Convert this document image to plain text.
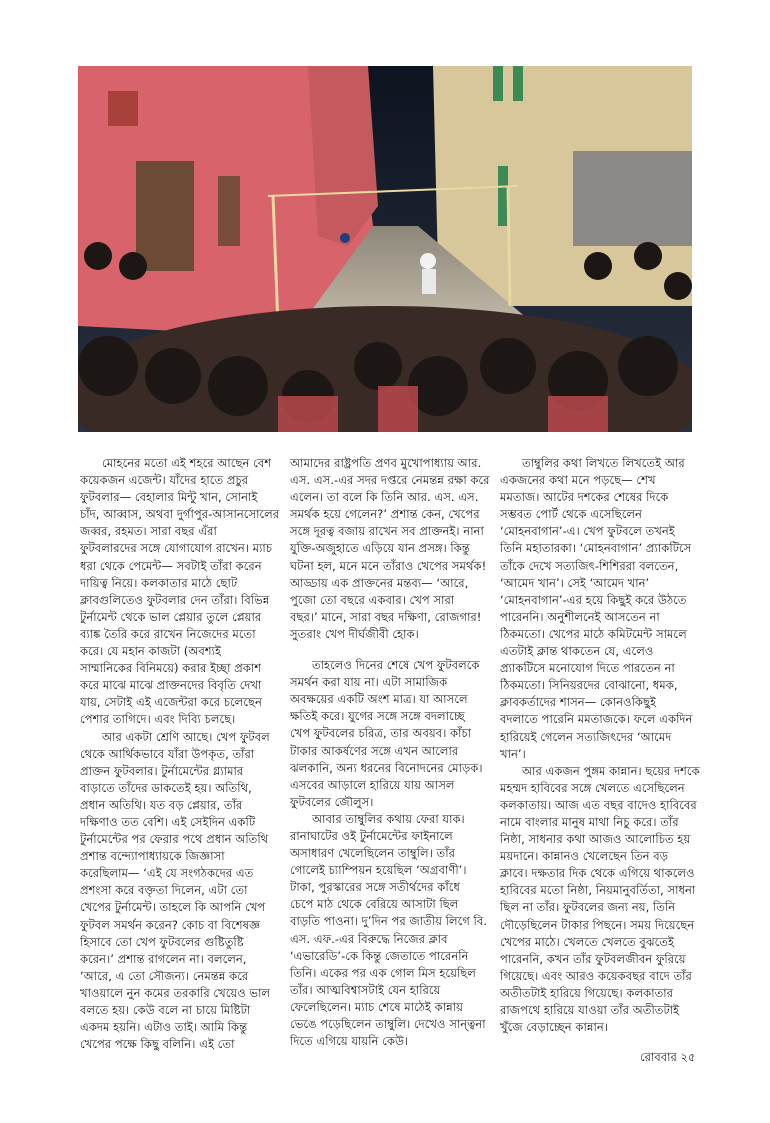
মোহনের মতো এই শহরে আছেন বেশ
কয়েকজন এজেন্ট। যাঁদের হাতে প্রচুর
ফুটবলার— বেহালার মিন্টু খান, সোনাই
চাঁদ, আব্বাস, অথবা দুর্গাপুর-আসানসোলের
জব্বর, রহমত। সারা বছর এঁরা
ফুটবলারদের সঙ্গে যোগাযোগ রাখেন। ম্যাচ
ধরা থেকে পেমেন্ট— সবটাই তাঁরা করেন
দায়িত্ব নিয়ে। কলকাতার মাঠে ছোট
ক্লাবগুলিতেও ফুটবলার দেন তাঁরা। বিভিন্ন
টুর্নামেন্ট থেকে ভাল প্লেয়ার তুলে প্লেয়ার
ব্যাঙ্ক তৈরি করে রাখেন নিজেদের মতো
করে। যে মহান কাজটা (অবশ্যই
সাম্মানিকের বিনিময়ে) করার ইচ্ছা প্রকাশ
করে মাঝে মাঝে প্রাক্তনদের বিবৃতি দেখা
যায়, সেটাই এই এজেন্টরা করে চলেছেন
পেশার তাগিদে। এবং দিব্যি চলছে।
আর একটা শ্রেণি আছে। খেপ ফুটবল
থেকে আর্থিকভাবে যাঁরা উপকৃত, তাঁরা
প্রাক্তন ফুটবলার। টুর্নামেন্টের গ্ল্যামার
বাড়াতে তাঁদের ডাকতেই হয়। অতিথি,
প্রধান অতিথি। যত বড় প্লেয়ার, তাঁর
দক্ষিণাও তত বেশি। এই সেইদিন একটি
টুর্নামেন্টের পর ফেরার পথে প্রধান অতিথি
প্রশান্ত বন্দ্যোপাধ্যায়কে জিজ্ঞাসা
করেছিলাম— ‘এই যে সংগঠকদের এত
প্রশংসা করে বক্তৃতা দিলেন, এটা তো
খেপের টুর্নামেন্ট। তাহলে কি আপনি খেপ
ফুটবল সমর্থন করেন? কোচ বা বিশেষজ্ঞ
হিসাবে তো খেপ ফুটবলের গুষ্টিতুষ্টি
করেন।’ প্রশান্ত রাগলেন না। বললেন,
‘আরে, এ তো সৌজন্য। নেমন্তন্ন করে
খাওয়ালে নুন কমের তরকারি খেয়েও ভাল
বলতে হয়। কেউ বলে না চায়ে মিষ্টিটা
একদম হয়নি। এটাও তাই। আমি কিন্তু
খেপের পক্ষে কিছু বলিনি। এই তো
আমাদের রাষ্ট্রপতি প্রণব মুখোপাধ্যায় আর.
এস. এস.-এর সদর দপ্তরে নেমন্তন্ন রক্ষা করে
এলেন। তা বলে কি তিনি আর. এস. এস.
সমর্থক হয়ে গেলেন?’ প্রশান্ত কেন, খেপের
সঙ্গে দূরত্ব বজায় রাখেন সব প্রাক্তনই। নানা
যুক্তি-অজুহাতে এড়িয়ে যান প্রসঙ্গ। কিন্তু
ঘটনা হল, মনে মনে তাঁরাও খেপের সমর্থক!
আড্ডায় এক প্রাক্তনের মন্তব্য— ‘আরে,
পুজো তো বছরে একবার। খেপ সারা
বছর।’ মানে, সারা বছর দক্ষিণা, রোজগার!
সুতরাং খেপ দীর্ঘজীবী হোক।
তাহলেও দিনের শেষে খেপ ফুটবলকে
সমর্থন করা যায় না। এটা সামাজিক
অবক্ষয়ের একটি অংশ মাত্র। যা আসলে
ক্ষতিই করে। যুগের সঙ্গে সঙ্গে বদলাচ্ছে
খেপ ফুটবলের চরিত্র, তার অবয়ব। কাঁচা
টাকার আকর্ষণের সঙ্গে এখন আলোর
ঝলকানি, অন্য ধরনের বিনোদনের মোড়ক।
এসবের আড়ালে হারিয়ে যায় আসল
ফুটবলের জৌলুস।
আবার তাম্বুলির কথায় ফেরা যাক।
রানাঘাটের ওই টুর্নামেন্টের ফাইনালে
অসাধারণ খেলেছিলেন তাম্বুলি। তাঁর
গোলেই চ্যাম্পিয়ন হয়েছিল ‘অগ্রবাণী’।
টাকা, পুরস্কারের সঙ্গে সতীর্থদের কাঁধে
চেপে মাঠ থেকে বেরিয়ে আসাটা ছিল
বাড়তি পাওনা। দু’দিন পর জাতীয় লিগে বি.
এস. এফ.-এর বিরুদ্ধে নিজের ক্লাব
‘এভারেডি’-কে কিন্তু জেতাতে পারেননি
তিনি। একের পর এক গোল মিস হয়েছিল
তাঁর। আত্মবিশ্বাসটাই যেন হারিয়ে
ফেলেছিলেন। ম্যাচ শেষে মাঠেই কান্নায়
ভেঙে পড়েছিলেন তাম্বুলি। দেখেও সান্ত্বনা
দিতে এগিয়ে যায়নি কেউ।
তাম্বুলির কথা লিখতে লিখতেই আর
একজনের কথা মনে পড়ছে— শেখ
মমতাজ। আটের দশকের শেষের দিকে
সম্ভবত পোর্ট থেকে এসেছিলেন
‘মোহনবাগান’-এ। খেপ ফুটবলে তখনই
তিনি মহাতারকা। ‘মোহনবাগান’ প্র্যাকটিসে
তাঁকে দেখে সত্যজিৎ-শিশিররা বলতেন,
‘আমেদ খান’। সেই ‘আমেদ খান’
‘মোহনবাগান’-এর হয়ে কিছুই করে উঠতে
পারেননি। অনুশীলনেই আসতেন না
ঠিকমতো। খেপের মাঠে কমিটমেন্ট সামলে
এতটাই ক্লান্ত থাকতেন যে, এলেও
প্র্যাকটিসে মনোযোগ দিতে পারতেন না
ঠিকমতো। সিনিয়রদের বোঝানো, ধমক,
ক্লাবকর্তাদের শাসন— কোনওকিছুই
বদলাতে পারেনি মমতাজকে। ফলে একদিন
হারিয়েই গেলেন সত্যজিৎদের ‘আমেদ
খান’।
আর একজন পুঙ্গম কান্নান। ছয়ের দশকে
মহম্মদ হাবিবের সঙ্গে খেলতে এসেছিলেন
কলকাতায়। আজ এত বছর বাদেও হাবিবের
নামে বাংলার মানুষ মাথা নিচু করে। তাঁর
নিষ্ঠা, সাধনার কথা আজও আলোচিত হয়
ময়দানে। কান্নানও খেলেছেন তিন বড়
ক্লাবে। দক্ষতার দিক থেকে এগিয়ে থাকলেও
হাবিবের মতো নিষ্ঠা, নিয়মানুবর্তিতা, সাধনা
ছিল না তাঁর। ফুটবলের জন্য নয়, তিনি
দৌড়েছিলেন টাকার পিছনে। সময় দিয়েছেন
খেপের মাঠে। খেলতে খেলতে বুঝতেই
পারেননি, কখন তাঁর ফুটবলজীবন ফুরিয়ে
গিয়েছে। এবং আরও কয়েকবছর বাদে তাঁর
অতীতটাই হারিয়ে গিয়েছে। কলকাতার
রাজপথে হারিয়ে যাওয়া তাঁর অতীতটাই
খুঁজে বেড়াচ্ছেন কান্নান।
রোববার ২৫
